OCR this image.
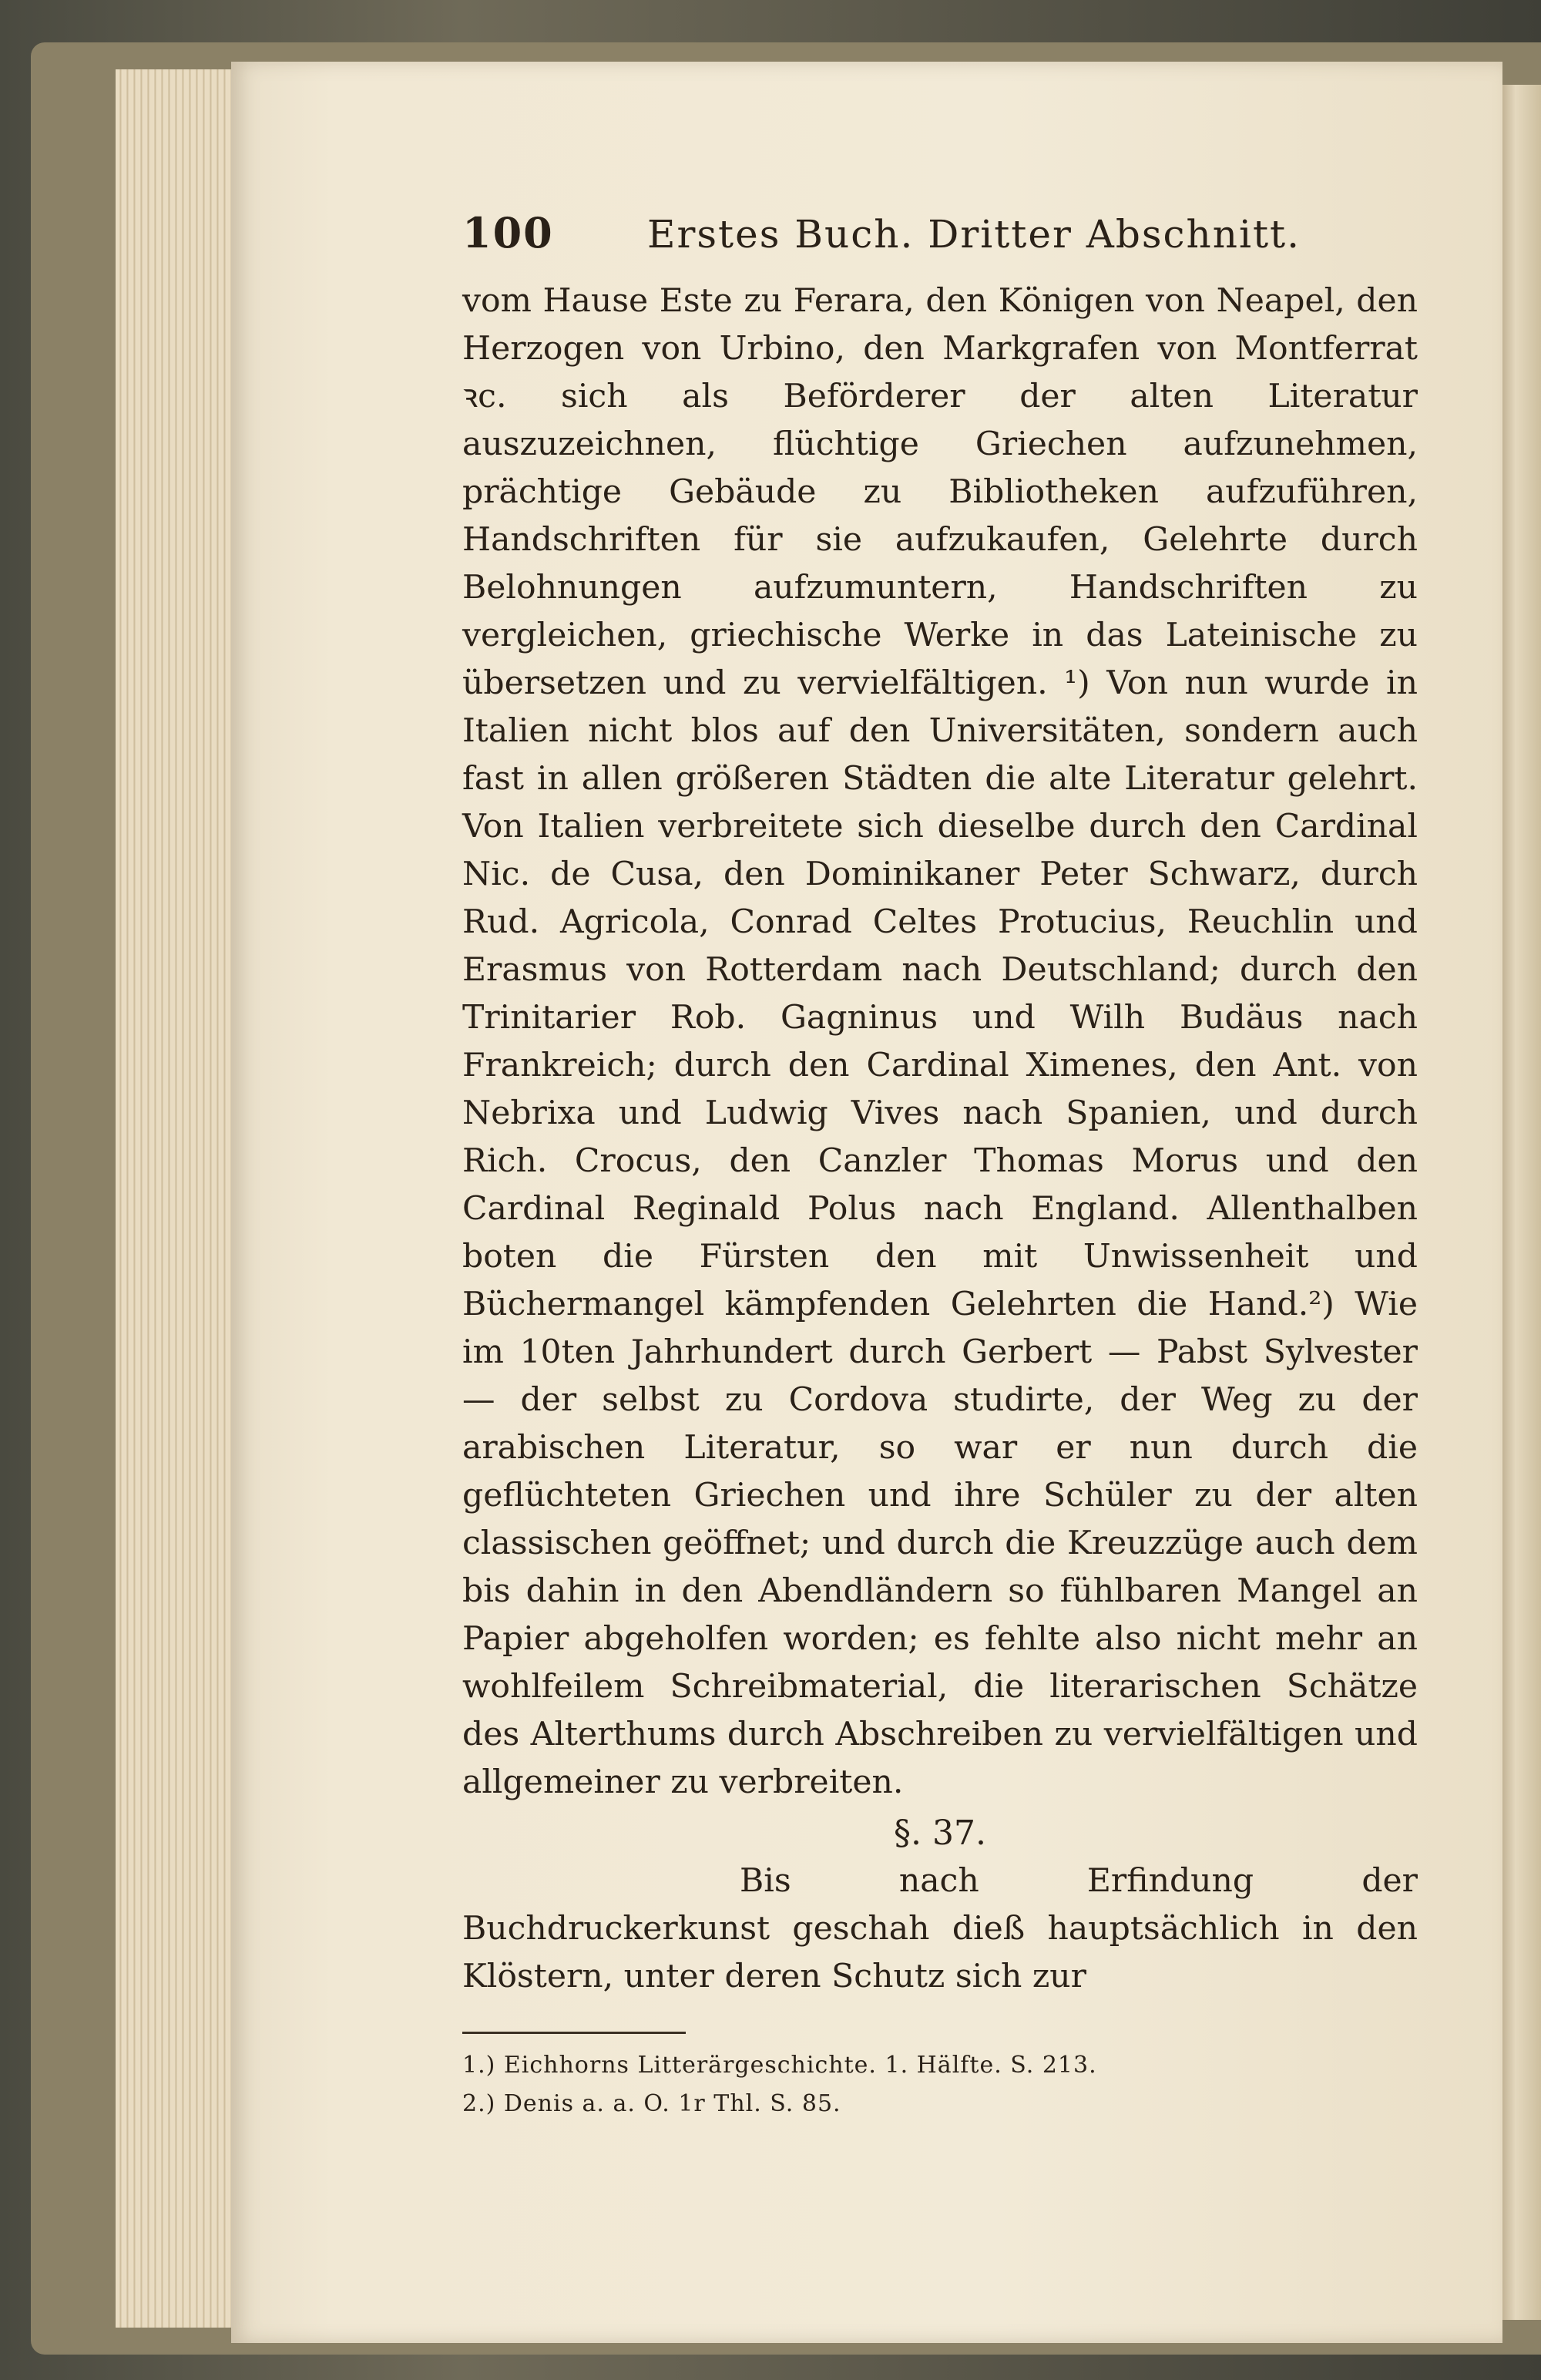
100	Erstes Buch. Dritter Abschnitt.
vom Hause Este zu Ferara, den Königen von Neapel, den Herzogen von Urbino, den Markgrafen von Montferrat ꝛc. sich als Beförderer der alten Literatur auszuzeichnen, flüchtige Griechen aufzunehmen, prächtige Gebäude zu Bibliotheken aufzuführen, Handschriften für sie aufzukaufen, Gelehrte durch Belohnungen aufzumuntern, Handschriften zu vergleichen, griechische Werke in das Lateinische zu übersetzen und zu vervielfältigen. ¹) Von nun wurde in Italien nicht blos auf den Universitäten, sondern auch fast in allen größeren Städten die alte Literatur gelehrt. Von Italien verbreitete sich dieselbe durch den Cardinal Nic. de Cusa, den Dominikaner Peter Schwarz, durch Rud. Agricola, Conrad Celtes Protucius, Reuchlin und Erasmus von Rotterdam nach Deutschland; durch den Trinitarier Rob. Gagninus und Wilh Budäus nach Frankreich; durch den Cardinal Ximenes, den Ant. von Nebrixa und Ludwig Vives nach Spanien, und durch Rich. Crocus, den Canzler Thomas Morus und den Cardinal Reginald Polus nach England. Allenthalben boten die Fürsten den mit Unwissenheit und Büchermangel kämpfenden Gelehrten die Hand.²) Wie im 10ten Jahrhundert durch Gerbert — Pabst Sylvester — der selbst zu Cordova studirte, der Weg zu der arabischen Literatur, so war er nun durch die geflüchteten Griechen und ihre Schüler zu der alten classischen geöffnet; und durch die Kreuzzüge auch dem bis dahin in den Abendländern so fühlbaren Mangel an Papier abgeholfen worden; es fehlte also nicht mehr an wohlfeilem Schreibmaterial, die literarischen Schätze des Alterthums durch Abschreiben zu vervielfältigen und allgemeiner zu verbreiten.
§. 37.
Bis nach Erfindung der Buchdruckerkunst geschah dieß hauptsächlich in den Klöstern, unter deren Schutz sich zur
1.) Eichhorns Litterärgeschichte. 1. Hälfte. S. 213.
2.) Denis a. a. O. 1r Thl. S. 85.
